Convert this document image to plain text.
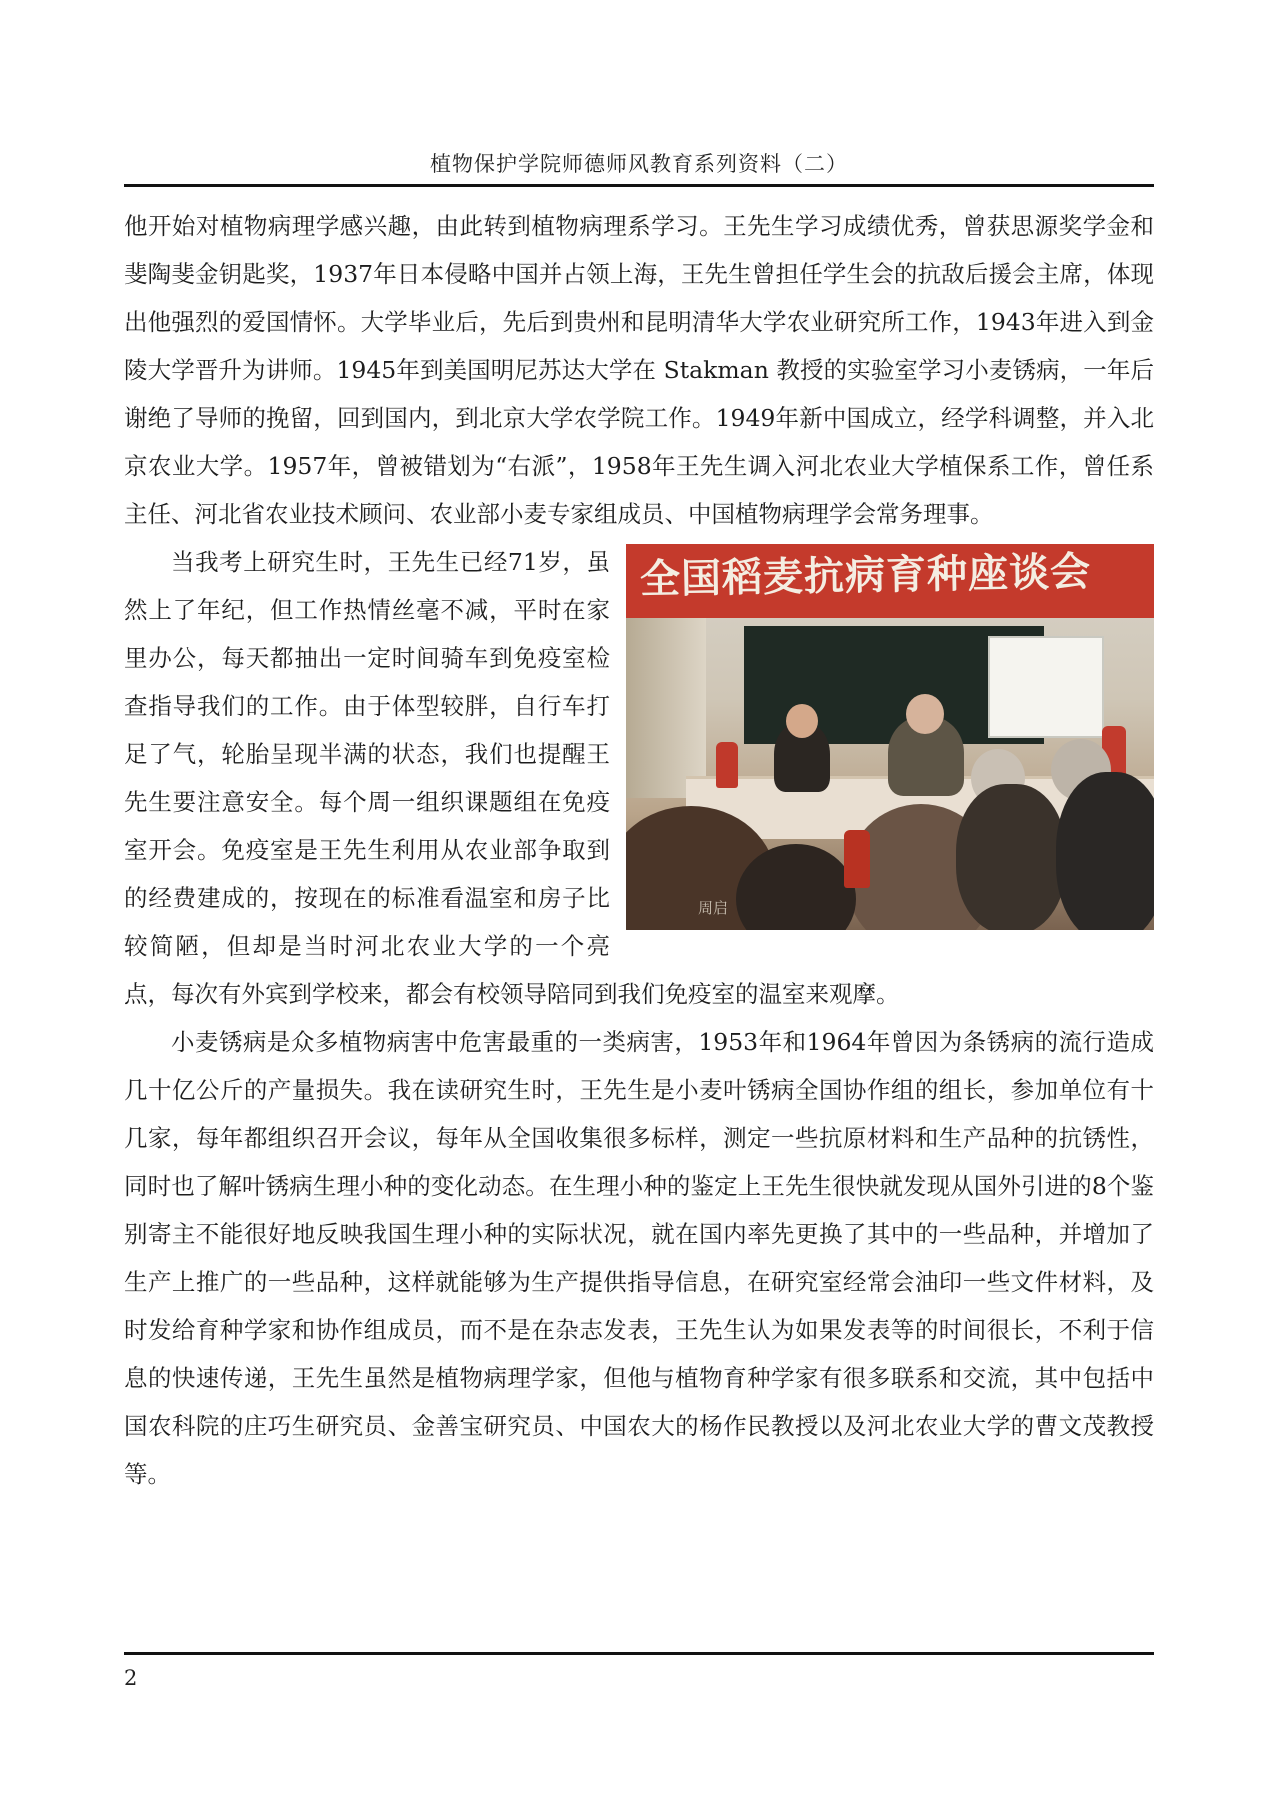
植物保护学院师德师风教育系列资料（二）

他开始对植物病理学感兴趣，由此转到植物病理系学习。王先生学习成绩优秀，曾获思源奖学金和斐陶斐金钥匙奖，1937年日本侵略中国并占领上海，王先生曾担任学生会的抗敌后援会主席，体现出他强烈的爱国情怀。大学毕业后，先后到贵州和昆明清华大学农业研究所工作，1943年进入到金陵大学晋升为讲师。1945年到美国明尼苏达大学在 Stakman 教授的实验室学习小麦锈病，一年后谢绝了导师的挽留，回到国内，到北京大学农学院工作。1949年新中国成立，经学科调整，并入北京农业大学。1957年，曾被错划为“右派”，1958年王先生调入河北农业大学植保系工作，曾任系主任、河北省农业技术顾问、农业部小麦专家组成员、中国植物病理学会常务理事。

全国稻麦抗病育种座谈会
周启

当我考上研究生时，王先生已经71岁，虽然上了年纪，但工作热情丝毫不减，平时在家里办公，每天都抽出一定时间骑车到免疫室检查指导我们的工作。由于体型较胖，自行车打足了气，轮胎呈现半满的状态，我们也提醒王先生要注意安全。每个周一组织课题组在免疫室开会。免疫室是王先生利用从农业部争取到的经费建成的，按现在的标准看温室和房子比较简陋，但却是当时河北农业大学的一个亮点，每次有外宾到学校来，都会有校领导陪同到我们免疫室的温室来观摩。

小麦锈病是众多植物病害中危害最重的一类病害，1953年和1964年曾因为条锈病的流行造成几十亿公斤的产量损失。我在读研究生时，王先生是小麦叶锈病全国协作组的组长，参加单位有十几家，每年都组织召开会议，每年从全国收集很多标样，测定一些抗原材料和生产品种的抗锈性，同时也了解叶锈病生理小种的变化动态。在生理小种的鉴定上王先生很快就发现从国外引进的8个鉴别寄主不能很好地反映我国生理小种的实际状况，就在国内率先更换了其中的一些品种，并增加了生产上推广的一些品种，这样就能够为生产提供指导信息，在研究室经常会油印一些文件材料，及时发给育种学家和协作组成员，而不是在杂志发表，王先生认为如果发表等的时间很长，不利于信息的快速传递，王先生虽然是植物病理学家，但他与植物育种学家有很多联系和交流，其中包括中国农科院的庄巧生研究员、金善宝研究员、中国农大的杨作民教授以及河北农业大学的曹文茂教授等。

2
